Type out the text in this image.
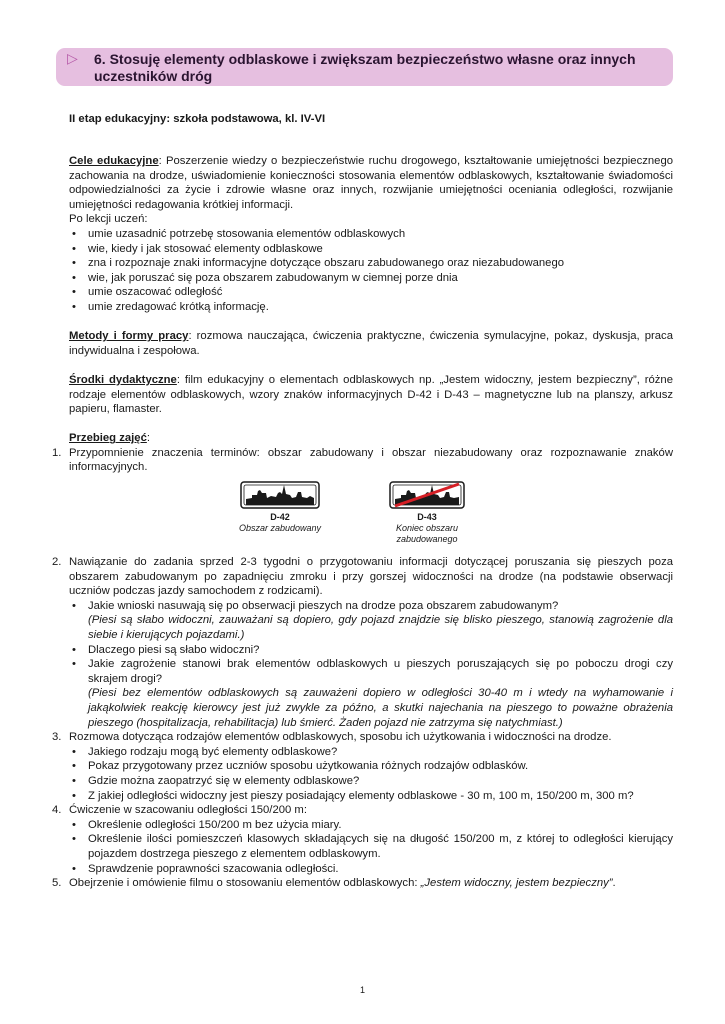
▷ 6. Stosuję elementy odblaskowe i zwiększam bezpieczeństwo własne oraz innych uczestników dróg
II etap edukacyjny: szkoła podstawowa, kl. IV-VI

Cele edukacyjne: Poszerzenie wiedzy o bezpieczeństwie ruchu drogowego, kształtowanie umiejętności bezpiecznego zachowania na drodze, uświadomienie konieczności stosowania elementów odblaskowych, kształtowanie świadomości odpowiedzialności za życie i zdrowie własne oraz innych, rozwijanie umiejętności oceniania odległości, rozwijanie umiejętności redagowania krótkiej informacji.

Po lekcji uczeń:

• umie uzasadnić potrzebę stosowania elementów odblaskowych
• wie, kiedy i jak stosować elementy odblaskowe
• zna i rozpoznaje znaki informacyjne dotyczące obszaru zabudowanego oraz niezabudowanego
• wie, jak poruszać się poza obszarem zabudowanym w ciemnej porze dnia
• umie oszacować odległość
• umie zredagować krótką informację.

Metody i formy pracy: rozmowa nauczająca, ćwiczenia praktyczne, ćwiczenia symulacyjne, pokaz, dyskusja, praca indywidualna i zespołowa.

Środki dydaktyczne: film edukacyjny o elementach odblaskowych np. „Jestem widoczny, jestem bezpieczny”, różne rodzaje elementów odblaskowych, wzory znaków informacyjnych D-42 i D-43 – magnetyczne lub na planszy, arkusz papieru, flamaster.

Przebieg zajęć:

1. Przypomnienie znaczenia terminów: obszar zabudowany i obszar niezabudowany oraz rozpoznawanie znaków informacyjnych.
D-42
Obszar zabudowany
D-43
Koniec obszaru zabudowanego
2. Nawiązanie do zadania sprzed 2-3 tygodni o przygotowaniu informacji dotyczącej poruszania się pieszych poza obszarem zabudowanym po zapadnięciu zmroku i przy gorszej widoczności na drodze (na podstawie obserwacji uczniów podczas jazdy samochodem z rodzicami).
• Jakie wnioski nasuwają się po obserwacji pieszych na drodze poza obszarem zabudowanym?
(Piesi są słabo widoczni, zauważani są dopiero, gdy pojazd znajdzie się blisko pieszego, stanowią zagrożenie dla siebie i kierujących pojazdami.)
• Dlaczego piesi są słabo widoczni?
• Jakie zagrożenie stanowi brak elementów odblaskowych u pieszych poruszających się po poboczu drogi czy skrajem drogi?
(Piesi bez elementów odblaskowych są zauważeni dopiero w odległości 30-40 m i wtedy na wyhamowanie i jakąkolwiek reakcję kierowcy jest już zwykle za późno, a skutki najechania na pieszego to poważne obrażenia pieszego (hospitalizacja, rehabilitacja) lub śmierć. Żaden pojazd nie zatrzyma się natychmiast.)
3. Rozmowa dotycząca rodzajów elementów odblaskowych, sposobu ich użytkowania i widoczności na drodze.
• Jakiego rodzaju mogą być elementy odblaskowe?
• Pokaz przygotowany przez uczniów sposobu użytkowania różnych rodzajów odblasków.
• Gdzie można zaopatrzyć się w elementy odblaskowe?
• Z jakiej odległości widoczny jest pieszy posiadający elementy odblaskowe - 30 m, 100 m, 150/200 m, 300 m?
4. Ćwiczenie w szacowaniu odległości 150/200 m:
• Określenie odległości 150/200 m bez użycia miary.
• Określenie ilości pomieszczeń klasowych składających się na długość 150/200 m, z której to odległości kierujący pojazdem dostrzega pieszego z elementem odblaskowym.
• Sprawdzenie poprawności szacowania odległości.
5. Obejrzenie i omówienie filmu o stosowaniu elementów odblaskowych: „Jestem widoczny, jestem bezpieczny”.
1
